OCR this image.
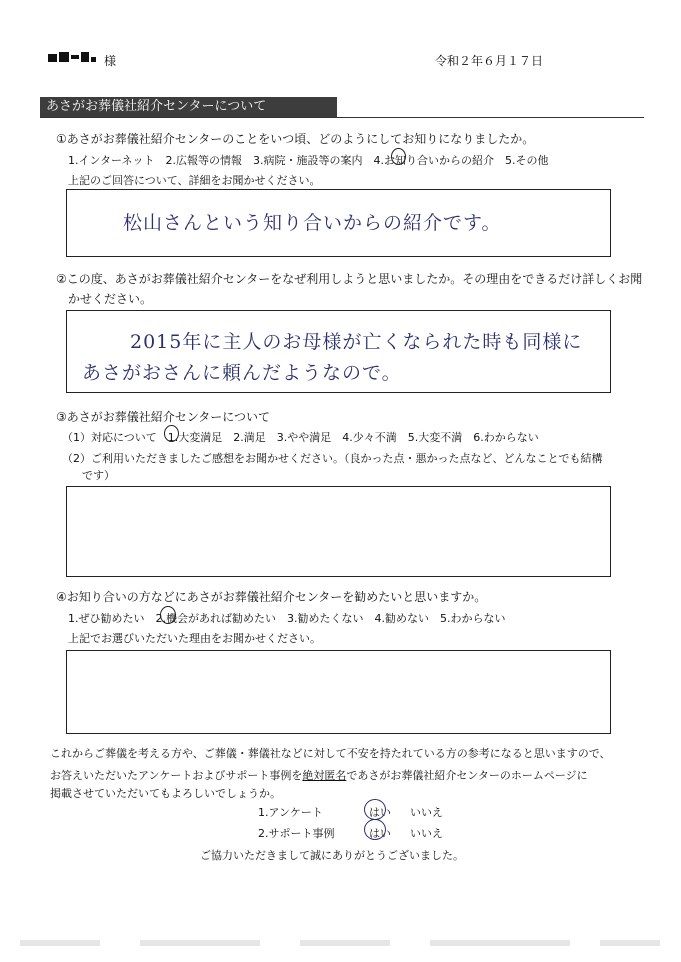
様	令和２年６月１７日
あさがお葬儀社紹介センターについて
①あさがお葬儀社紹介センターのことをいつ頃、どのようにしてお知りになりましたか。
1.インターネット　2.広報等の情報　3.病院・施設等の案内　4.お知り合いからの紹介　5.その他
上記のご回答について、詳細をお聞かせください。
松山さんという知り合いからの紹介です。
②この度、あさがお葬儀社紹介センターをなぜ利用しようと思いましたか。その理由をできるだけ詳しくお聞
かせください。
2015年に主人のお母様が亡くなられた時も同様に
あさがおさんに頼んだようなので。
③あさがお葬儀社紹介センターについて
（1）対応について　1.大変満足　2.満足　3.やや満足　4.少々不満　5.大変不満　6.わからない
（2）ご利用いただきましたご感想をお聞かせください。（良かった点・悪かった点など、どんなことでも結構
です）
④お知り合いの方などにあさがお葬儀社紹介センターを勧めたいと思いますか。
1.ぜひ勧めたい　2.機会があれば勧めたい　3.勧めたくない　4.勧めない　5.わからない
上記でお選びいただいた理由をお聞かせください。
これからご葬儀を考える方や、ご葬儀・葬儀社などに対して不安を持たれている方の参考になると思いますので、
お答えいただいたアンケートおよびサポート事例を絶対匿名であさがお葬儀社紹介センターのホームページに
掲載させていただいてもよろしいでしょうか。
1.アンケート	はい いいえ
2.サポート事例	はい いいえ
ご協力いただきまして誠にありがとうございました。
